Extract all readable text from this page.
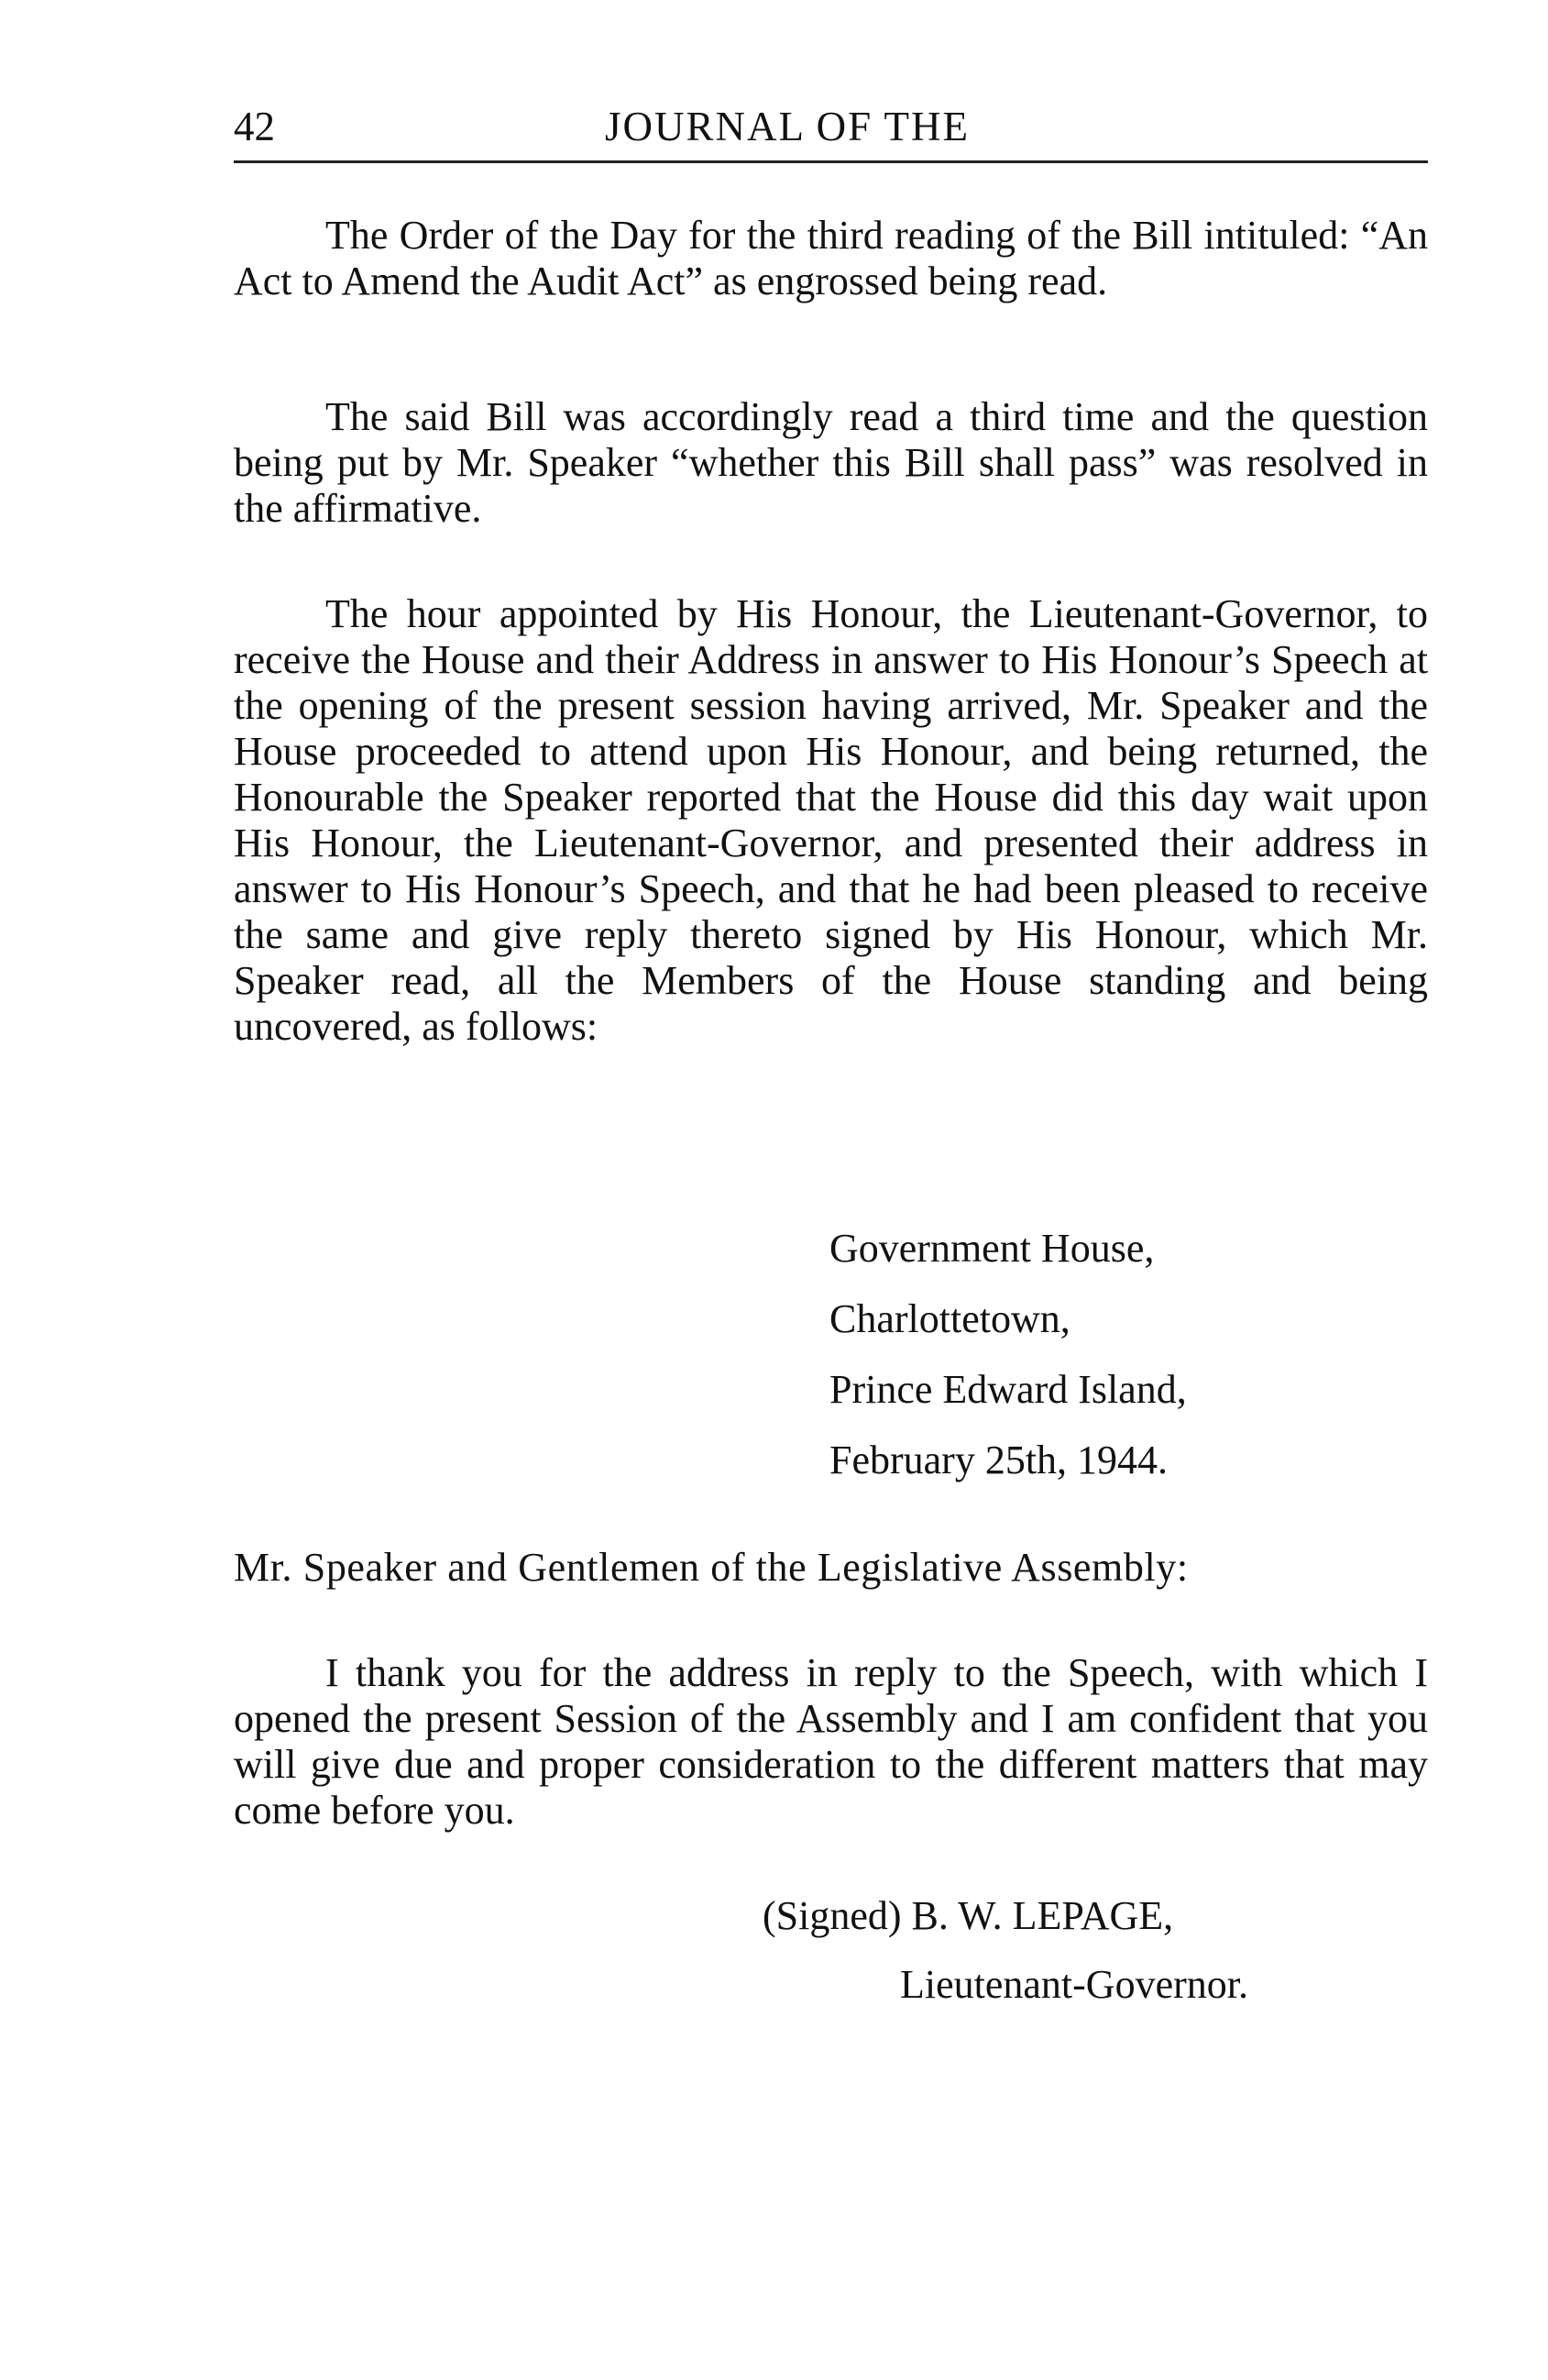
42	JOURNAL OF THE

The Order of the Day for the third reading of the Bill intituled: “An Act to Amend the Audit Act” as engrossed being read.

The said Bill was accordingly read a third time and the question being put by Mr. Speaker “whether this Bill shall pass” was resolved in the affirmative.

The hour appointed by His Honour, the Lieutenant-Governor, to receive the House and their Address in answer to His Honour’s Speech at the opening of the present session having arrived, Mr. Speaker and the House proceeded to attend upon His Honour, and being returned, the Honourable the Speaker reported that the House did this day wait upon His Honour, the Lieutenant-Governor, and presented their address in answer to His Honour’s Speech, and that he had been pleased to receive the same and give reply thereto signed by His Honour, which Mr. Speaker read, all the Members of the House standing and being uncovered, as follows:

Government House,
Charlottetown,
Prince Edward Island,
February 25th, 1944.
Mr. Speaker and Gentlemen of the Legislative Assembly:

I thank you for the address in reply to the Speech, with which I opened the present Session of the Assembly and I am confident that you will give due and proper consideration to the different matters that may come before you.

(Signed) B. W. LEPAGE,
Lieutenant-Governor.
